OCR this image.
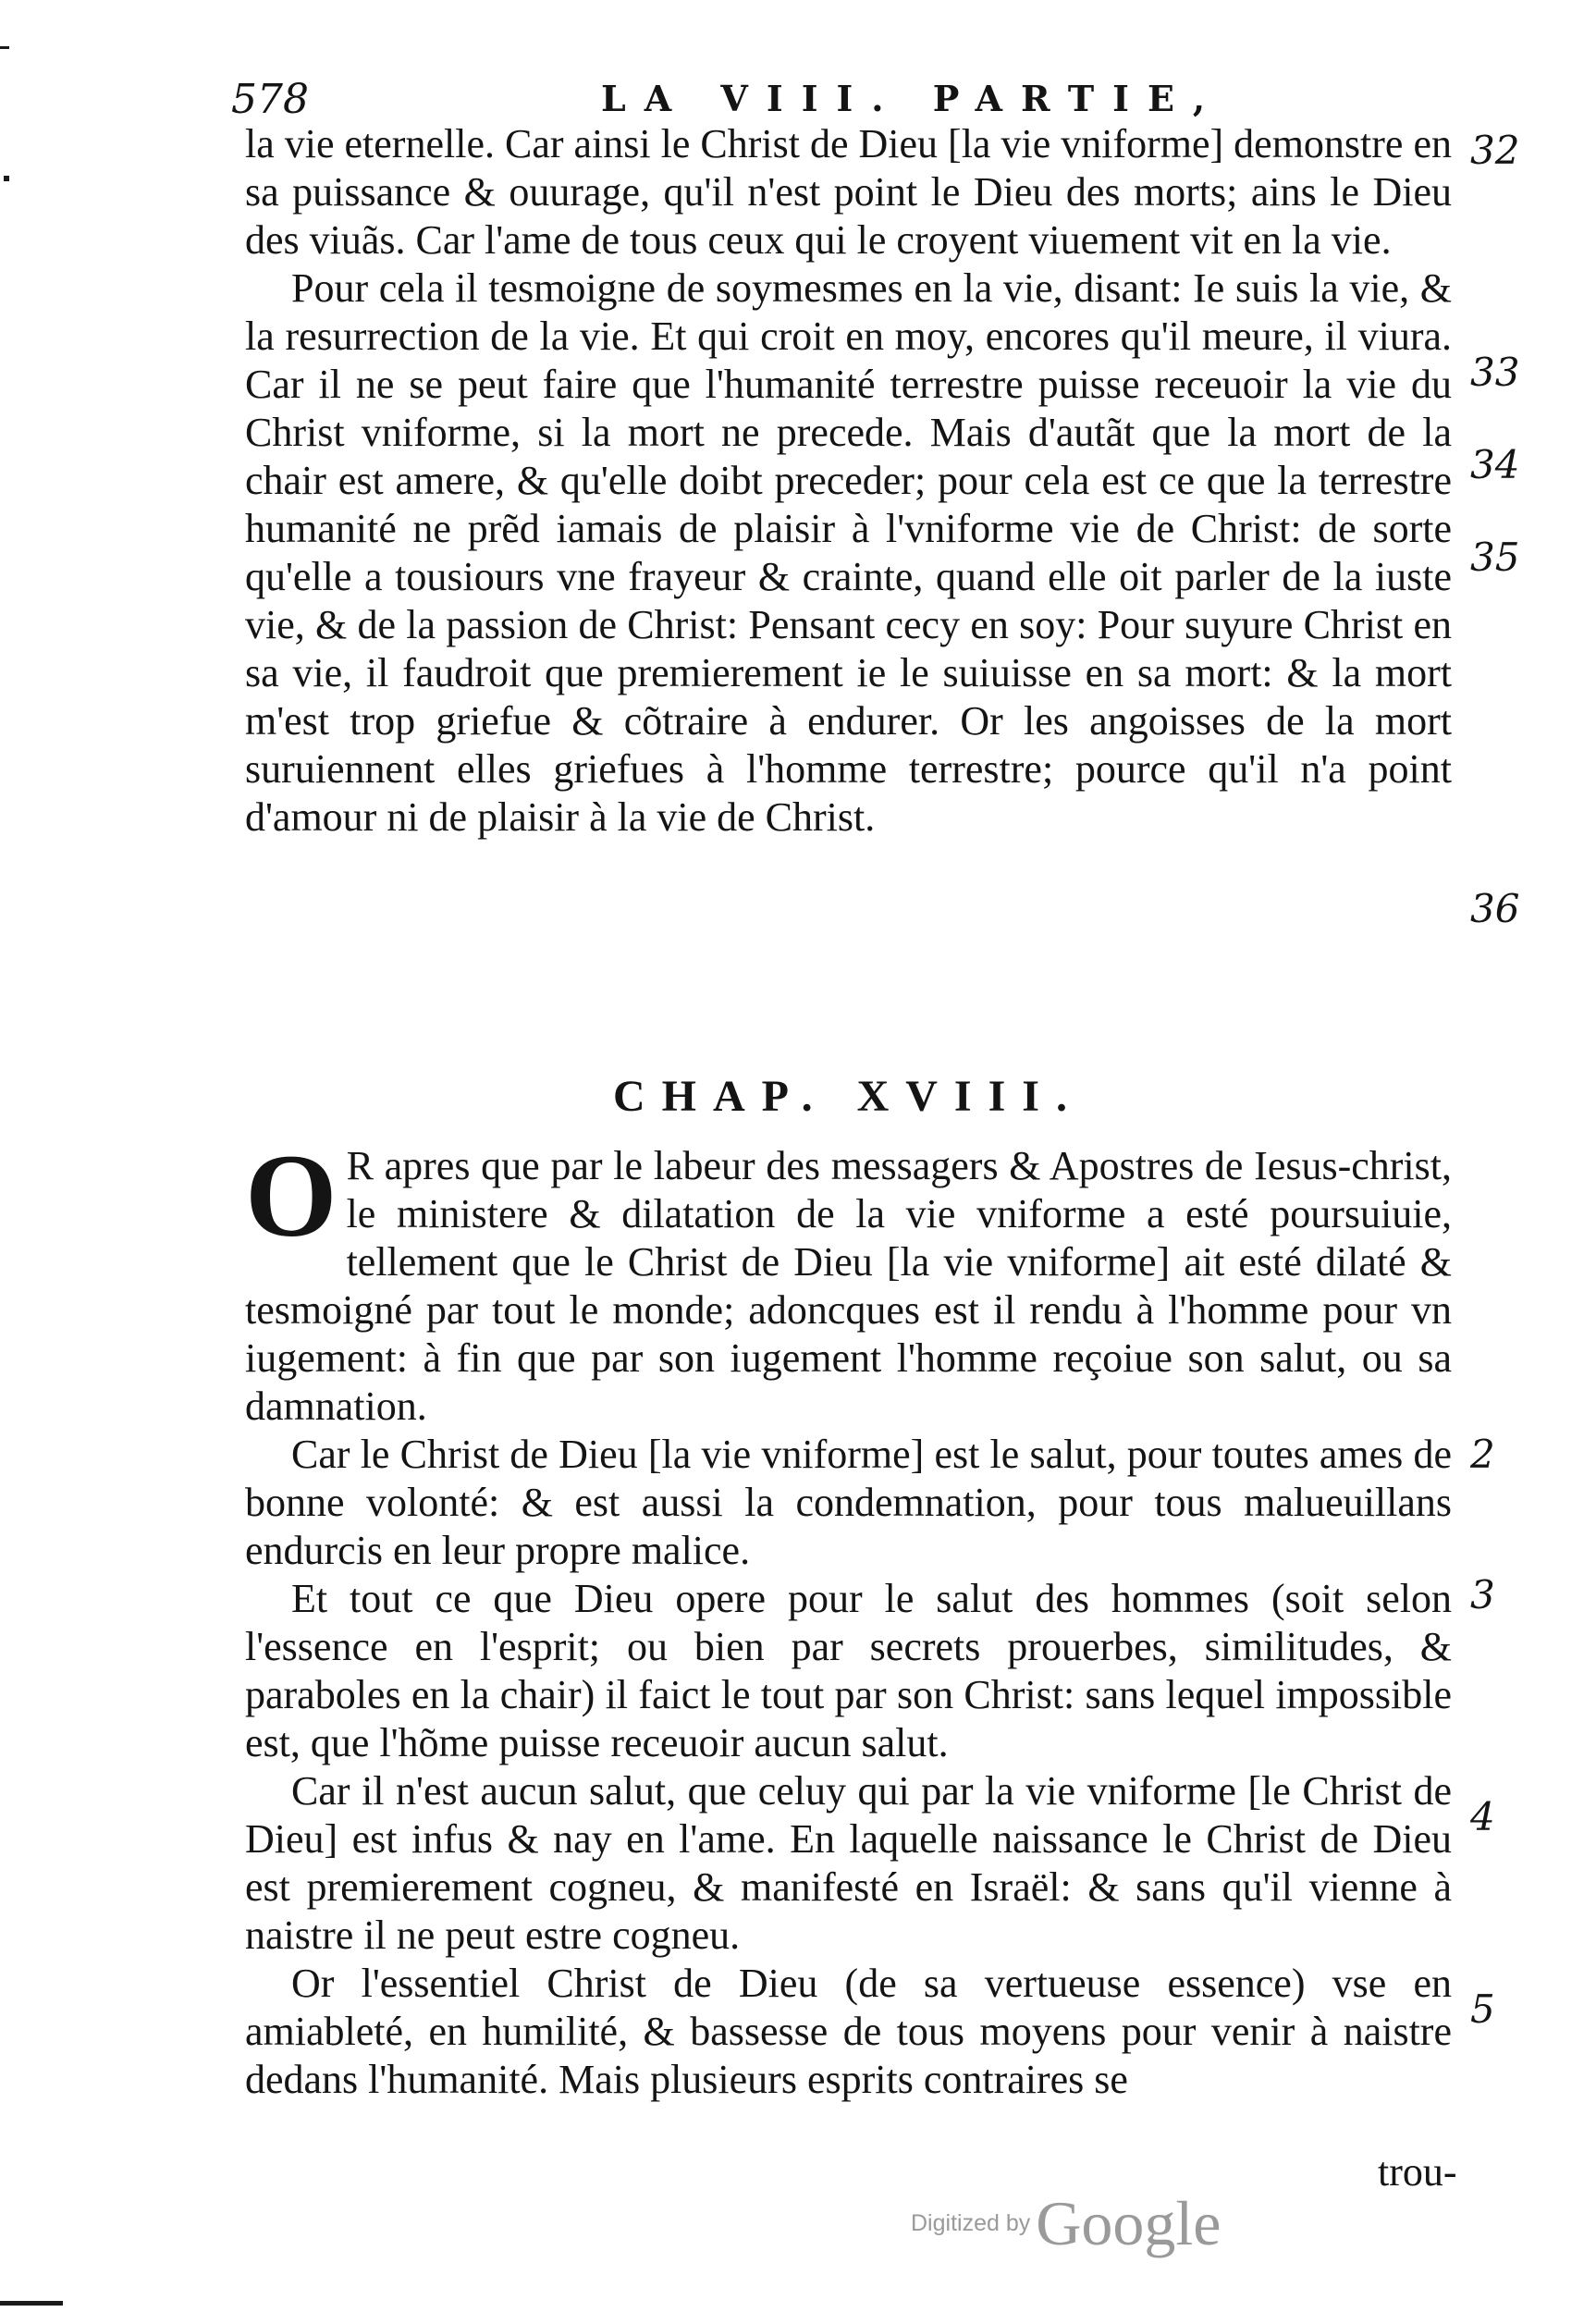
578	LA VIII. PARTIE,

la vie eternelle. Car ainsi le Christ de Dieu [la vie vniforme] demonstre en sa puissance & ouurage, qu'il n'est point le Dieu des morts; ains le Dieu des viuãs. Car l'ame de tous ceux qui le croyent viuement vit en la vie.

Pour cela il tesmoigne de soymesmes en la vie, disant: Ie suis la vie, & la resurrection de la vie. Et qui croit en moy, encores qu'il meure, il viura. Car il ne se peut faire que l'humanité terrestre puisse receuoir la vie du Christ vniforme, si la mort ne precede. Mais d'autãt que la mort de la chair est amere, & qu'elle doibt preceder; pour cela est ce que la terrestre humanité ne prẽd iamais de plaisir à l'vniforme vie de Christ: de sorte qu'elle a tousiours vne frayeur & crainte, quand elle oit parler de la iuste vie, & de la passion de Christ: Pensant cecy en soy: Pour suyure Christ en sa vie, il faudroit que premierement ie le suiuisse en sa mort: & la mort m'est trop griefue & cõtraire à endurer. Or les angoisses de la mort suruiennent elles griefues à l'homme terrestre; pource qu'il n'a point d'amour ni de plaisir à la vie de Christ.

CHAP. XVIII.

O R apres que par le labeur des messagers & Apostres de Iesus-christ, le ministere & dilatation de la vie vniforme a esté poursuiuie, tellement que le Christ de Dieu [la vie vniforme] ait esté dilaté & tesmoigné par tout le monde; adoncques est il rendu à l'homme pour vn iugement: à fin que par son iugement l'homme reçoiue son salut, ou sa damnation.

Car le Christ de Dieu [la vie vniforme] est le salut, pour toutes ames de bonne volonté: & est aussi la condemnation, pour tous malueuillans endurcis en leur propre malice.

Et tout ce que Dieu opere pour le salut des hommes (soit selon l'essence en l'esprit; ou bien par secrets prouerbes, similitudes, & paraboles en la chair) il faict le tout par son Christ: sans lequel impossible est, que l'hõme puisse receuoir aucun salut.

Car il n'est aucun salut, que celuy qui par la vie vniforme [le Christ de Dieu] est infus & nay en l'ame. En laquelle naissance le Christ de Dieu est premierement cogneu, & manifesté en Israël: & sans qu'il vienne à naistre il ne peut estre cogneu.

Or l'essentiel Christ de Dieu (de sa vertueuse essence) vse en amiableté, en humilité, & bassesse de tous moyens pour venir à naistre dedans l'humanité. Mais plusieurs esprits contraires se

32
33
34
35
36
2
3
4
5
trou-
Digitized byGoogle
